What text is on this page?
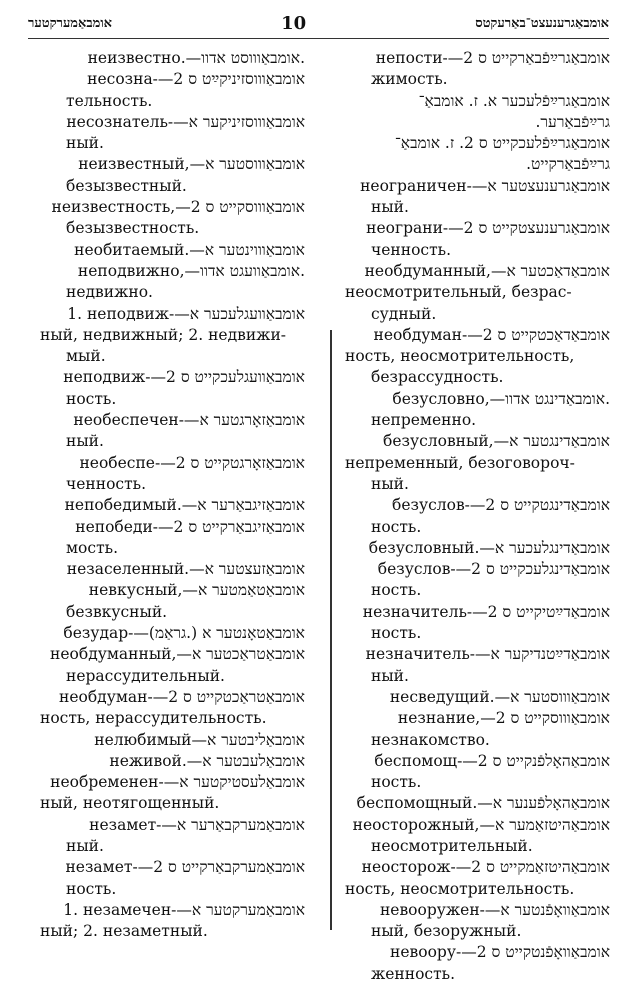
אומבאַמערקטער	10	אומבאַגרענעצט־באַרעקטס
неизвестно.—אומבאַוווסט אדוו.
несозна-—2 אומבאַוווסזיניקײַט ס
тельность.
несознатель-—אומבאַוווסזיניקער א
ный.
неизвестный,—אומבאַוווסטער א
безызвестный.
неизвестность,—2 אומבאַוווסקייט ס
безызвестность.
необитаемый.—אומבאַוווינטער א
неподвижно,—אומבאַוועגט אדוו.
недвижно.
1. неподвиж-—אומבאַוועגלעכער א
ный, недвижный; 2. недвижи-
мый.
неподвиж-—2 אומבאַוועגלעכקייט ס
ность.
необеспечен-—אומבאַזאָרגטער א
ный.
необеспе-—2 אומבאַזאָרגטקייט ס
ченность.
непобедимый.—אומבאַזיגבאַרער א
непобеди-—2 אומבאַזיגבאַרקייט ס
мость.
незаселенный.—אומבאַזעצטער א
невкусный,—אומבאַטאַמטער א
безвкусный.
безудар-—(גראַמ.) אומבאַטאָנטער א
необдуманный,—אומבאַטראַכטער א
нерассудительный.
необдуман-—2 אומבאַטראַכטקייט ס
ность, нерассудительность.
нелюбимый—אומבאַליבטער א
неживой.—אומבאַלעבטער א
необременен-—אומבאַלעסטיקטער א
ный, неотягощенный.
незамет-—אומבאַמערקבאַרער א
ный.
незамет-—2 אומבאַמערקבאַרקייט ס
ность.
1. незамечен-—אומבאַמערקטער א
ный; 2. незаметный.
непости-—2 אומבאַגרײַפֿבאַרקייט ס
жимость.
אומבאַגרײַפֿלעכער א. ז. אומבאַ־
גרײַפֿבאַרער.
אומבאַגרײַפֿלעכקייט ס 2. ז. אומבאַ־
גרײַפֿבאַרקייט.
неограничен-—אומבאַגרענעצטער א
ный.
неограни-—2 אומבאַגרענעצטקייט ס
ченность.
необдуманный,—אומבאַדאַכטער א
неосмотрительный, безрас-
судный.
необдуман-—2 אומבאַדאַכטקייט ס
ность, неосмотрительность,
безрассудность.
безусловно,—אומבאַדינגט אדוו.
непременно.
безусловный,—אומבאַדינגטער א
непременный, безоговороч-
ный.
безуслов-—2 אומבאַדינגטקייט ס
ность.
безусловный.—אומבאַדינגלעכער א
безуслов-—2 אומבאַדינגלעכקייט ס
ность.
незначитель-—2 אומבאַדײַטיקייט ס
ность.
незначитель-—אומבאַדײַטנדיקער א
ный.
несведущий.—אומבאַוווסטער א
незнание,—2 אומבאַוווסקייט ס
незнакомство.
беспомощ-—2 אומבאַהאָלפֿנקייט ס
ность.
беспомощный.—אומבאַהאָלפֿענער א
неосторожный,—אומבאַהיטזאַמער א
неосмотрительный.
неосторож-—2 אומבאַהיטזאַמקייט ס
ность, неосмотрительность.
невооружен-—אומבאַוואָפֿנטער א
ный, безоружный.
невоору-—2 אומבאַוואָפֿנטקייט ס
женность.
